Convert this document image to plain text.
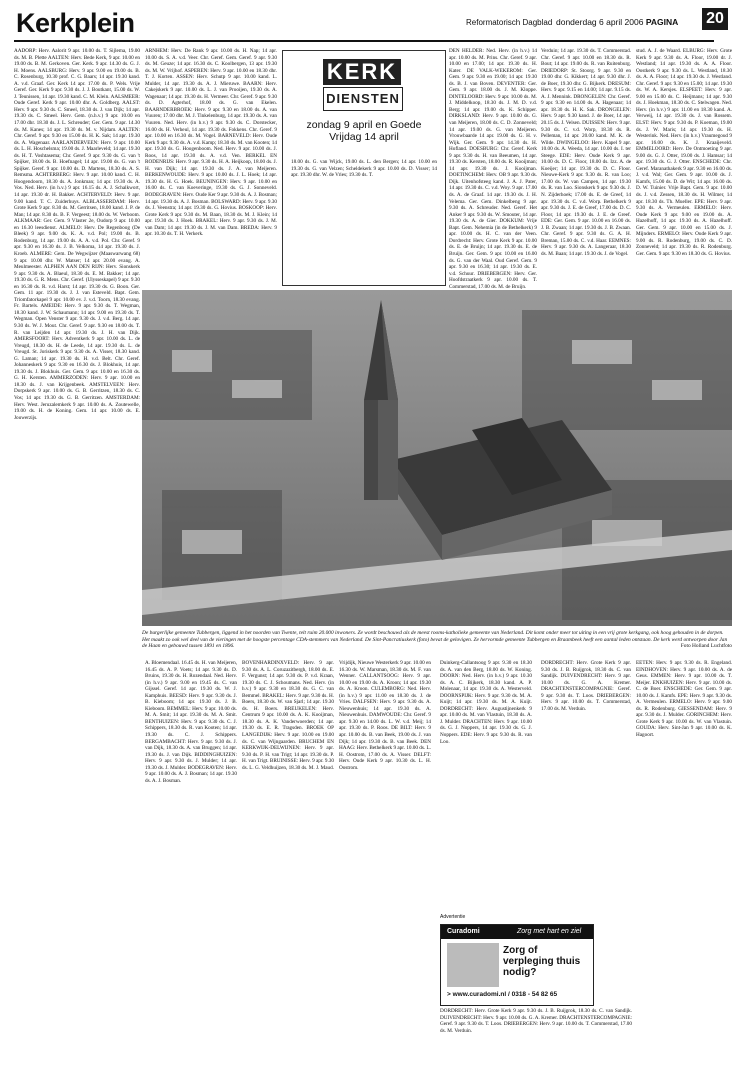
Kerkplein	Reformatorisch Dagblad donderdag 6 april 2006 PAGINA 20

AADORP: Herv. Aalorit 9 apr. 10.00 ds. T. Sijlema, 19.00 ds. M. B. Plette AALTEN: Herv. Bede Kerk, 9 apr. 10.00 en 19.00 ds. B. M. Gerkoven. Ger. Kerk. 9 apr. 14.30 ds. G. J. H. Moens. AALSBURG: Herv. 9 apr. 9.00 en 19.00 ds. B. C. Rosenburg, 10.30 prof. C. G. Baars; 14 apr. 19.30 kand. A. v.d. Graaf. Ger. Kerk 14 apr. 17.00 ds. P. Wels. Vrije Geref. Ger. Kerk 9 apr. 9.30 ds. J. J. Boutkant, 15.00 ds. W. J. Teunissen, 14 apr. 19.30 kand. C. M. Klein. AALSMEER: Oude Geref. Kerk 9 apr. 10.00 dhr. A. Goldberg. AALST: Herv. 9 apr. 9.30 ds. C. Smeel, 18.30 ds. J. van Dijk; 14 apr. 19.30 ds. C. Smeel. Herv. Gem. (n.h.v.) 9 apr. 10.00 en 17.00 dhr. 18.30 ds. J. L. Schreuder; Ger. Gem. 9 apr. 14.30 ds. M. Kanes; 14 apr. 19.30 ds. M. v. Nijdam. AALTEN: Chr. Geref. 9 apr. 9.30 en 15.00 ds. H. K. Sak; 14 apr. 19.30 ds. A. Wagenaar. AARLANDERVEEN: Herv. 9 apr. 10.00 ds. L. H. Hoschelsma; 19.00 ds. J. Maarleveld; 14 apr. 19.30 ds. H. T. Voshtasema; Chr. Geref. 9 apr. 9.30 ds. G. van 't Spijker, 18.00 ds. B. Hoefnagel; 14 apr. 19.00 ds. G. van 't Spijker. Geref. 9 apr. 10.00 ds. D. Martens, 18.30 ds. A. S. Remsma. ACHTERBERG: Herv. 9 apr. 10.00 kand. C. H. Hoogendoorn, 18.30 ds. A. Jonkman; 14 apr. 19.30 ds. A. Vos. Ned. Herv. (in h.v.) 9 apr. 16.15 ds. A. J. Schalkwort, 14 apr. 19.30 dr. H. Bakker. ACHTERVELD: Herv. 9 apr. 9.00 kand. T. C. Zuiderhuys. ALBLASSERDAM: Herv. Grote Kerk 9 apr. 8.30 ds. M. Gerritsen, 18.00 kand. J. P. de Man; 14 apr. 8.30 ds. B. F. Vergeest; 18.00 ds. W. Verboom. ALKMAAR: Ger. Gem. 9 Vlaster 2e, Oudorp 9 apr. 10.00 en 16.30 leesdienst. ALMELO: Herv. De Regenboog (De Bleek) 9 apr. 9.00 ds. K. A. v.d. Pol; 19.00 ds. B. Rodenburg, 14 apr. 19.00 ds. A. A. v.d. Pol. Chr. Geref. 9 apr. 9.30 en 16.30 ds. J. B. Velkoma, 14 apr. 19.30 ds. J. Kroeb. ALMERE: Gem. De Wegwijzer (Maaswarwang 68) 9 apr. 10.00 dhr. W. Matser; 14 apr. 20.00 evang. A. Meulmeester. ALPHEN AAN DEN RIJN: Herv. Sionskerk 9 apr. 9.30 ds. A. Blaeul, 18.30 ds. E. M. Bakker; 14 apr. 19.30 ds. G. R. Mens. Chr. Geref. (Ulysseskapel) 9 apr. 9.30 en 16.30 ds. R. v.d. Harst; 14 apr. 19.30 ds. G. Boon. Ger. Gem. 11 apr. 19.30 ds. J. J. van Esteveld. Bapt. Gem. Triomfatorkapel 9 apr. 10.00 ev. J. v.d. Toorn, 18.30 evang. Fr. Bartels. AMEIDE: Herv. 9 apr. 9.30 ds. T. Wegman, 18.30 kand. J. W. Schaumann; 14 apr. 9.00 en 19.30 ds. T. Wegman. Open Venster 9 apr. 9.30 ds. J. v.d. Berg. 14 apr. 9.30 ds. W. J. Mout. Chr. Geref. 9 apr. 9.30 en 18.00 ds. T. R. van Leijden 14 apr. 19.30 ds. J. H. van Dijk. AMERSFOORT: Herv. Adventkerk 9 apr. 10.00 ds. L. de Vreugd, 18.30 ds. H. de Leede, 14 apr. 19.30 ds. L. de Vreugd. St. Joriskerk 9 apr. 9.30 ds. A. Visser, 18.30 kand. G. Laman; 14 apr. 19.30 ds. H. v.d. Belt. Chr. Geref. Johanneskerk 9 apr. 9.30 en 16.30 ds. J. Blokhuis, 14 apr. 19.30 ds. J. Blokhuis. Ger. Gem. 9 apr. 10.00 en 16.30 ds. G. H. Kersten. AMMERZODEN: Herv. 9 apr. 10.00 en 18.30 ds. J. van Krijgenbeek. AMSTELVEEN: Herv. Dorpskerk 9 apr. 10.00 ds. G. B. Gerritzen, 18.30 ds. C. Vos; 14 apr. 19.30 ds. G. B. Gerritzen. AMSTERDAM: Herv. West. Jeruzalemkerk 9 apr. 10.00 ds. A. Zoutewelle, 19.00 ds. H. de Koning. Gem. 14 apr. 10.00 ds. E. Jouwerzijs.

ARNHEM: Herv. De Rank 9 apr. 10.00 ds. H. Nap; 14 apr. 10.00 ds. S. A. v.d. Veer. Chr. Geref. Gem. Geref. 9 apr. 9.30 ds. M. Geuze; 14 apr. 16.30 ds. C. Koolbergen, 13 apr. 19.30 ds. M. W. Vrijhof. ASPEREN: Herv. 9 apr. 10.00 en 18.30 dhr. T. J. Korten. ASSEN: Herv. Schutp 9 apr. 10.00 kand. L. Mulder, 14 apr. 19.30 ds. A. J. Mieruwe. BAARN: Herv. Cakejskerk 9 apr. 10.00 ds. L. J. van Prooijen, 19.30 ds. A. Wagenaar; 14 apr. 19.30 ds. H. Vermeer. Chr. Geref. 9 apr. 9.30 ds. D. Agterhof, 18.00 ds. G. van Ekelen. BAARNDERBROEK: Herv. 9 apr. 9.30 en 18.00 ds. A. van Vuuren; 17.00 dhr. M. J. Tinkelenburg, 14 apr. 19.30 ds. A. van Vuuren. Ned. Herv. (in h.v.) 9 apr. 9.30 ds. C. Dorstecker, 16.00 ds. H. Verheul, 14 apr. 19.30 ds. Fokkens. Chr. Geref. 9 apr. 10.00 en 16.30 ds. M. Vogel. BARNEVELD: Herv. Oude Kerk 9 apr. 9.30 ds. A. v.d. Kamp; 18.30 ds. M. van Kooten; 14 apr. 19.30 ds. G. Hoogenboom. Ned. Herv. 9 apr. 10.00 ds. J. Roos, 14 apr. 19.30 ds. A. v.d. Ven. BERKEL EN RODENRIJS: Herv. 9 apr. 9.30 ds. H. A. Heijkoop, 18.00 ds. J. H. van Dijk; 14 apr. 19.30 ds. J. A. van Meijeren. BERKENWOUDE: Herv. 9 apr. 10.00 ds. J. L. Hoek; 14 apr. 19.30 ds. H. G. Hoek. BEUNINGEN: Herv. 9 apr. 10.00 en 16.00 ds. C. van Koeveringe, 19.30 ds. G. J. Sonneveld. BODEGRAVEN: Herv. Oude Ker 9 apr. 9.30 ds. A. J. Bosman; 14 apr. 19.30 ds. A. J. Bosman. BOLSWARD: Herv. 9 apr. 9.30 ds. J. Veenstra; 14 apr. 19.30 ds. G. Hovius. BOSKOOP: Herv. Grote Kerk 9 apr. 9.30 ds. M. Baan, 18.30 ds. M. J. Klein; 14 apr. 19.30 ds. J. Hoek. BRAKEL: Herv. 9 apr. 9.30 ds. J. M. van Dam; 14 apr. 19.30 ds. J. M. van Dam. BREDA: Herv. 9 apr. 10.30 ds. T. H. Verkerk.

KERK
DIENSTEN
zondag 9 april en Goede Vrijdag 14 april
18.00 ds. G. van Wijck, 19.00 ds. L. den Bergen; 14 apr. 10.00 en 19.30 ds. G. van Velzen; Scheldekerk 9 apr. 10.00 ds. D. Visser; 14 apr. 19.30 dhr. W. de Vries; 19.30 ds. T.

DEN HELDER: Ned. Herv. (in h.v.) 14 apr. 10.00 ds. M. Prins. Chr. Geref. 9 apr. 10.00 en 17.00; 14 apr. 19.30 ds. H. Kater. DE VALK-WEKEROM: Ger. Gem. 9 apr. 9.30 en 19.00; 14 apr. 19.30 ds. B. J. van Boven. DEVENTER: Ger. Gem. 9 apr. 18.00 ds. J. M. Kloppe. DINTELOORD: Herv. 9 apr. 10.00 ds. M. J. Middelkoop, 18.30 ds. J. M. D. v.d. Berg; 14 apr. 19.00 ds. K. Schipper. DIRKSLAND: Herv. 9 apr. 10.00 ds. G. van Meijeren, 18.00 ds. C. D. Zonneveld; 14 apr. 19.00 ds. G. van Meijeren. Vrouwbaarde 14 apr. 19.00 ds. G. H. v. Wijk. Ger. Gem. 9 apr. 14.30 ds. H. Hofland. DOESBURG: Chr. Geref. Kerk 9 apr. 9.30 ds. H. van Beeumen, 14 apr. 19.30 ds. Kersten, 18.00 ds. R. Kooijman; 14 apr. 19.30 ds. J. Kooijman. DOETINCHEM: Herv. OB 9 apr. 9.30 ds. Dijk. Uitenhofsteeg kand. J. A. J. Pater, 14 apr. 19.30 ds. C. v.d. Woy. 9 apr. 17.00 ds. A. de Graaf. 14 apr. 19.30 ds. J. H. Velema. Ger. Gem. Dinkelbeng 9 apr. 9.30 ds. A. Schreuder. Ned. Geref. Het Anker 9 apr. 9.30 ds. W. Smouter, 14 apr. 19.30 ds. A. de Gier. DOKKUM: Vrije Bapt. Gem. Nehemia (in de Bethelkerk) 9 apr. 10.00 ds. H. C. van der Veen. Dordrecht: Herv. Grote Kerk 9 apr. 10.00 ds. E. de Bruijn; 14 apr. 19.30 ds. E. de Bruijn. Ger. Gem. 9 apr. 10.00 en 16.00 ds. G. van der Waal. Oud Geref. Gem. 9 apr. 9.30 en 16.30; 14 apr. 19.30 ds. E. v.d. Schuur. DRIEBERGEN: Herv. Ger. Hoofdstraatkerk 9 apr. 10.00 ds. T. Commerstad, 17.00 ds. M. de Bruijn.

Verduin; 14 apr. 19.30 ds. T. Commerstad. Chr. Geref. 9 apr. 10.00 en 18.30 ds. R. Bout; 14 apr. 19.00 ds. R. van Ruitenburg. DRIEDORP: St. Stoorg. 9 apr. 9.30 en 19.00 dhr. G. Kikkert; 14 apr. 9.30 dhr. J. de Boer, 19.30 dhr. G. Bijkerk. DRESUM: Herv. 9 apr. 9.15 en 14.00; 14 apr. 9.15 ds. A. J. Mennink. DRONGELEN: Chr. Geref. 9 apr. 9.30 en 14.00 ds. A. Hagenaar; 14 apr. 18.30 ds. H. K. Sak. DRONGELEN: Herv. 9 apr. 9.30 kand. J. de Boer, 14 apr. 20.15 ds. J. Velsen. DUISSEN: Herv. 9 apr. 9.30 ds. C. v.d. Worp, 18.30 ds. R. Pelleman, 14 apr. 20.00 kand. M. K. de Wilde. DWINGELOO: Herv. Kapel 9 apr. 10.00 ds. A. Weeda, 14 apr. 10.00 ds. I. ter Steege. EDE: Herv. Oude Kerk 9 apr. 10.00 ds. D. C. Floor, 18.00 ds. Izz. A. de Koeijer; 14 apr. 19.30 ds. D. C. Floor. Nieuwe-Kerk 9 apr. 9.30 ds. R. van Loo; 17.00 ds. W. van Campen, 14 apr. 19.30 ds. R. van Loo. Sionskerk 9 apr. 9.30 ds. J. N. Zijderhoek; 17.00 ds. E. de Greef, 14 apr. 19.30 ds. C. v.d. Worp. Bethelkerk 9 apr. 9.30 ds. J. E. de Greef, 17.00 ds. D. C. Floor, 14 apr. 19.30 ds. J. E. de Greef. EDE: Ger. Gem. 9 apr. 10.00 en 16.00 ds. J. B. Zwaan; 14 apr. 19.30 ds. J. B. Zwaan. Chr. Geref. 9 apr. 9.30 ds. G. A. H. Breman, 15.00 ds. C. v.d. Haar. EEMNES: Herv. 9 apr. 9.30 ds. A. Langeraar, 18.30 ds. M. Baan; 14 apr. 19.30 ds. J. de Vogel.

stud. A. J. de Waard. ELBURG: Herv. Grote Kerk 9 apr. 9.30 ds. A. Floor, 19.00 dr. J. Westland; 14 apr. 19.30 ds. A. A. Floor. Oostkerk 9 apr. 9.30 ds. L. Westland, 18.30 ds. A. A. Floor; 14 apr. 19.30 ds. J. Westland. Chr. Geref. 9 apr. 9.30 en 15.00; 14 apr. 19.30 ds. W. A. Kersjes. ELSPEET: Herv. 9 apr. 9.00 en 15.00 ds. C. Heijmans; 14 apr. 9.30 ds. J. Hoekman, 18.30 ds. C. Stelwagen. Ned. Herv. (in h.v.) 9 apr. 11.00 en 18.30 kand. A. Verweij, 14 apr. 19.30 ds. J. van Rossem. ELST: Herv. 9 apr. 9.30 ds. P. Koeman, 19.00 ds. J. W. Maris; 14 apr. 19.30 ds. H. Westerink. Ned. Herv. (in h.v.) Vraumegoud 9 apr. 16.00 ds. K. J. Kraaijeveld. EMMELOORD: Herv. De Ontmoeting 9 apr. 9.00 ds. G. J. Otter, 19.00 ds. J. Hamsar; 14 apr. 19.30 ds. G. J. Otter. ENSCHEDE: Chr. Geref. Maranathakerk 9 apr. 9.30 en 16.00 ds. J. v.d. Wal; Ger. Gem. 9 apr. 10.00 ds. J. Kamfs, 15.00 ds. D. de Wit; 14 apr. 16.00 ds. D. W. Tuinier. Vrije Bapt. Gem. 9 apr. 10.00 ds. J. v.d. Zessen, 18.30 ds. H. Wilmer, 14 apr. 18.30 ds. Th. Mueller. EPE: Herv. 9 apr. 9.30 ds. A. Vermeulen. ERMELO: Herv. Oude Kerk 9 apr. 9.00 en 19.00 ds. A. Hazelhoff, 14 apr. 19.30 ds. A. Hazelhoff. Ger. Gem. 9 apr. 10.00 en 15.00 ds. J. Mijnders. ERMELO: Herv. Oude Kerk 9 apr. 9.00 ds. R. Rodenburg, 19.00 ds. C. D. Zonneveld; 14 apr. 19.30 ds. R. Rodenburg. Ger. Gem. 9 apr. 9.30 en 18.30 ds. G. Hovius.

De burgerlijke gemeente Tubbergen, liggend in het noorden van Twente, telt ruim 20.000 inwoners. Ze wordt beschouwd als de meest rooms-katholieke gemeente van Nederland. Dit komt onder meer tot uiting in een vrij grote kerkgang, ook hoog gehouden in de dorpen. Het maakt zo ook wel deel van de vieringen met de hoogste percentage CDA-stemmers van Nederland. De Sint-Pancratiuskerk (foto) bevat de gelovigen. Ze hervormde gemeente Tubbergen en Braambeek heeft een aantal leden ontstaan. De kerk werd ontworpen door Jan de Haan en gebouwd tussen 1891 en 1896.	Foto Holland Luchtfoto

A. Bloemendaal. 16.45 ds. H. van Meijeren, 16.45 ds. A. P. Voets; 14 apr. 9.30 ds. D. Bruins, 19.30 ds. H. Rozendaal. Ned. Herv. (in h.v.) 9 apr. 9.00 en 19.45 ds. C. van Gijssel. Geref. 14 apr. 19.30 ds. W. J. Kamphuis. BEESD: Herv. 9 apr. 9.30 ds. J. B. Kieboom; 14 apr. 19.30 ds. J. B. Kieboom. BEMMEL: Herv. 9 apr. 10.00 ds. M. A. Smit; 14 apr. 19.30 ds. M. A. Smit. BENTHUIZEN: Herv. 9 apr. 9.30 ds. C. J. Schippers, 18.30 ds. R. van Kooten; 14 apr. 19.30 ds. C. J. Schippers. BERGAMBACHT: Herv. 9 apr. 9.30 ds. J. van Dijk, 18.30 ds. A. van Bruggen; 14 apr. 19.30 ds. J. van Dijk. BIDDINGHUIZEN: Herv. 9 apr. 9.30 ds. J. Mulder; 14 apr. 19.30 ds. J. Mulder. BODEGRAVEN: Herv. 9 apr. 10.00 ds. A. J. Bosman; 14 apr. 19.30 ds. A. J. Bosman.

BOVENHARDINXVELD: Herv. 9 apr. 9.30 ds. A. L. Coruzazitbergh, 18.00 ds. E. F. Vergunst; 14 apr. 9.30 ds. P. v.d. Kraan, 19.30 ds. C. J. Schoumans. Ned. Herv. (in h.v.) 9 apr. 9.30 en 18.30 ds. G. C. van Bemmel. BRAKEL: Herv. 9 apr. 9.30 ds. H. Boers, 18.30 ds. W. van Sjarl; 14 apr. 19.30 ds. H. Boers. BREUKELEN: Herv. Centrum 9 apr. 10.00 ds. A. K. Kooijman, 18.30 ds. A. K. Vanderwoerden; 14 apr. 19.30 ds. E. R. Tragsden. BROEK OP LANGEDIJK: Herv. 9 apr. 10.00 en 19.00 ds. C. van Wijngaarden. BRUCHEM EN KERKWIJK-DELWIJNEN: Herv. 9 apr. 9.30 ds. P. H. van Trigt; 14 apr. 19.30 ds. P. H. van Trigt. BRUINISSE: Herv. 9 apr. 9.30 ds. L. G. Veldhuijzen, 18.30 ds. M. J. Maud.

Vrijdijk, Nieuwe Westerkerk 9 apr. 10.00 en 16.30 ds. W. Marsman, 18.30 ds. M. F. van Wenner. CALLANTSOOG: Herv. 9 apr. 10.00 en 19.00 ds. A. Kroon; 14 apr. 19.30 ds. A. Kroon. CULEMBORG: Ned. Herv. (in h.v.) 9 apr. 11.00 en 18.30 ds. J. de Vries. DALFSEN: Herv. 9 apr. 9.30 ds. A. Nieuwenhuis; 14 apr. 19.30 ds. A. Nieuwenhuis. DAMWOUDE: Chr. Geref. 9 apr. 9.30 en 14.00 ds. L. W. v.d. Meij; 14 apr. 19.30 ds. P. Roos. DE BILT: Herv. 9 apr. 10.00 ds. B. van Beek, 19.00 ds. J. van Dijk; 14 apr. 19.30 ds. B. van Beek. DEN HAAG: Herv. Bethelkerk 9 apr. 10.00 ds. L. H. Oostrom, 17.00 ds. A. Visser. DELFT: Herv. Oude Kerk 9 apr. 10.30 ds. L. H. Oostrom.

Duinkerg-Callantsoog 9 apr. 9.30 en 18.30 ds. A. van den Berg, 18.00 ds. W. Koning. DOORN: Ned. Herv. (in h.v.) 9 apr. 10.30 ds. A. C. Bijkerk, 18.30 kand. A. P. Molenaar, 14 apr. 19.30 ds. A. Westerveld. DOORNSPIJK: Herv. 9 apr. 9.30 ds. M. A. Kuijt; 14 apr. 19.30 ds. M. A. Kuijt. DORDRECHT: Herv. Augustijnenkerk 9 apr. 10.00 ds. M. van Vlastuin, 18.30 ds. A. J. Mulder. DRACHTEN: Herv. 9 apr. 10.00 ds. G. J. Noppers, 14 apr. 19.30 ds. G. J. Noppers. EDE: Herv. 9 apr. 9.30 ds. R. van Loo.

DORDRECHT: Herv. Grote Kerk 9 apr. 9.30 ds. J. B. Ruijgrok, 18.30 ds. C. van Sandijk. DUIVENDRECHT: Herv. 9 apr. 10.00 ds. G. A. Kremer. DRACHTENSTERCOMPAGNIE: Geref. 9 apr. 9.30 ds. T. Loos. DRIEBERGEN: Herv. 9 apr. 10.00 ds. T. Commerstad, 17.00 ds. M. Verduin.

EETEN: Herv. 9 apr. 9.30 ds. R. Engeland. EINDHOVEN: Herv. 9 apr. 10.00 ds. A. de Geus. EMMEN: Herv. 9 apr. 10.00 ds. T. Meijer. ENKHUIZEN: Herv. 9 apr. 10.00 ds. C. de Boer. ENSCHEDE: Ger. Gem. 9 apr. 10.00 ds. J. Kamfs. EPE: Herv. 9 apr. 9.30 ds. A. Vermeulen. ERMELO: Herv. 9 apr. 9.00 ds. R. Rodenburg. GIESSENDAM: Herv. 9 apr. 9.30 ds. J. Mulder. GORINCHEM: Herv. Grote Kerk 9 apr. 10.00 ds. W. van Vlastuin. GOUDA: Herv. Sint-Jan 9 apr. 10.00 ds. K. Hagoort.

Advertentie
Curadomi	Zorg met hart en ziel
Zorg of verpleging thuis nodig?
> www.curadomi.nl / 0318 - 54 82 65

DORDRECHT: Herv. Grote Kerk 9 apr. 9.30 ds. J. B. Ruijgrok, 18.30 ds. C. van Sandijk. DUIVENDRECHT: Herv. 9 apr. 10.00 ds. G. A. Kremer. DRACHTENSTERCOMPAGNIE: Geref. 9 apr. 9.30 ds. T. Loos. DRIEBERGEN: Herv. 9 apr. 10.00 ds. T. Commerstad, 17.00 ds. M. Verduin.
